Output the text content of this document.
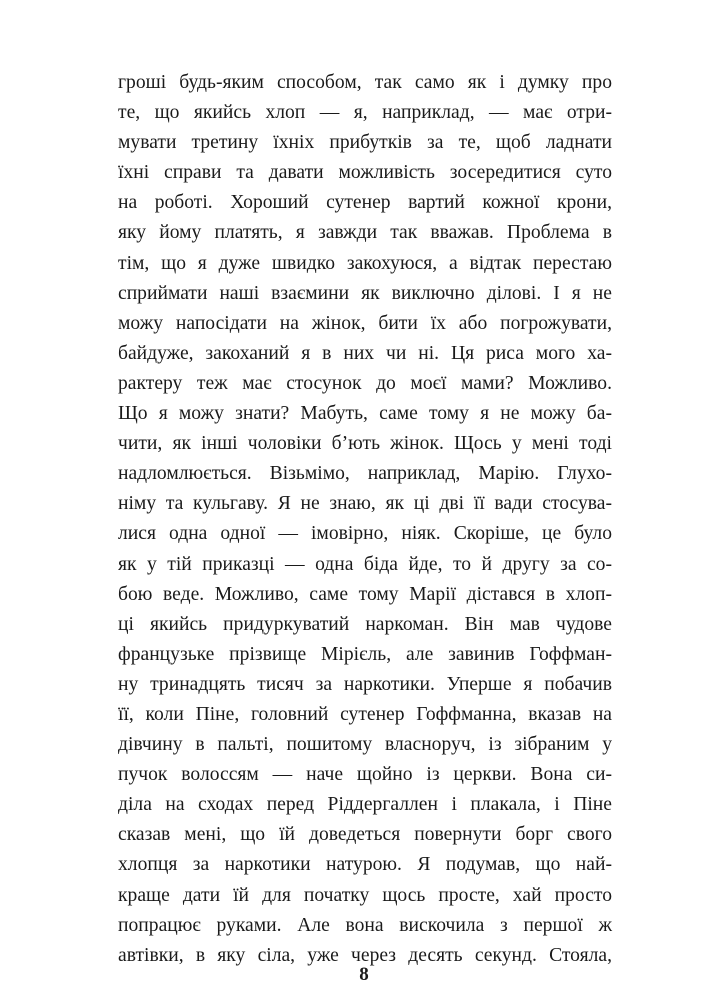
гроші будь-яким способом, так само як і думку про
те, що якийсь хлоп — я, наприклад, — має отри-
мувати третину їхніх прибутків за те, щоб ладнати
їхні справи та давати можливість зосередитися суто
на роботі. Хороший сутенер вартий кожної крони,
яку йому платять, я завжди так вважав. Проблема в
тім, що я дуже швидко закохуюся, а відтак перестаю
сприймати наші взаємини як виключно ділові. І я не
можу напосідати на жінок, бити їх або погрожувати,
байдуже, закоханий я в них чи ні. Ця риса мого ха-
рактеру теж має стосунок до моєї мами? Можливо.
Що я можу знати? Мабуть, саме тому я не можу ба-
чити, як інші чоловіки б’ють жінок. Щось у мені тоді
надломлюється. Візьмімо, наприклад, Марію. Глухо-
німу та кульгаву. Я не знаю, як ці дві її вади стосува-
лися одна одної — імовірно, ніяк. Скоріше, це було
як у тій приказці — одна біда йде, то й другу за со-
бою веде. Можливо, саме тому Марії дістався в хлоп-
ці якийсь придуркуватий наркоман. Він мав чудове
французьке прізвище Мірієль, але завинив Гоффман-
ну тринадцять тисяч за наркотики. Уперше я побачив
її, коли Піне, головний сутенер Гоффманна, вказав на
дівчину в пальті, пошитому власноруч, із зібраним у
пучок волоссям — наче щойно із церкви. Вона си-
діла на сходах перед Ріддергаллен і плакала, і Піне
сказав мені, що їй доведеться повернути борг свого
хлопця за наркотики натурою. Я подумав, що най-
краще дати їй для початку щось просте, хай просто
попрацює руками. Але вона вискочила з першої ж
автівки, в яку сіла, уже через десять секунд. Стояла,
8
